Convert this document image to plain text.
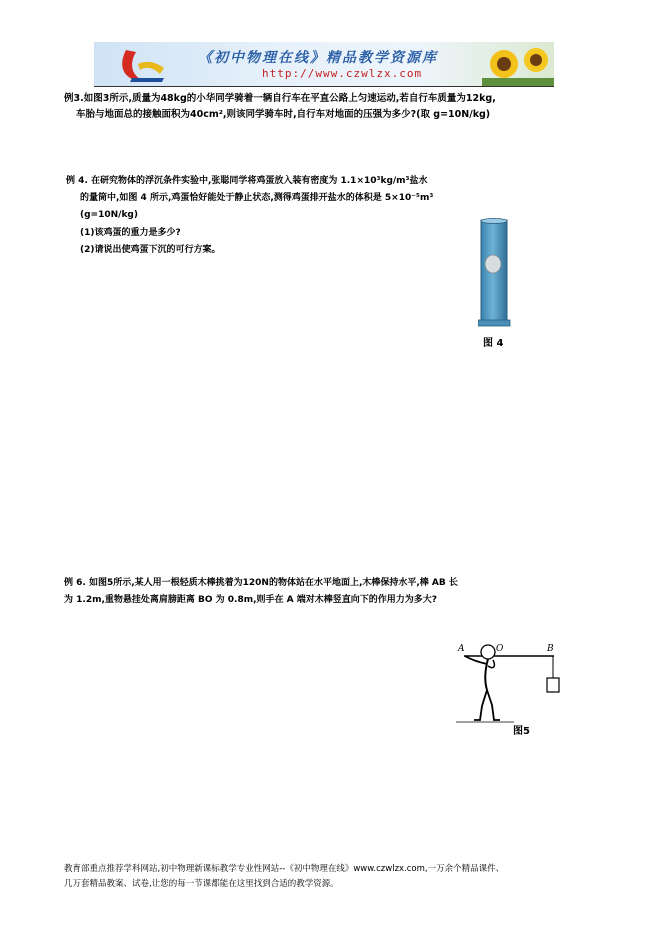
《初中物理在线》精品教学资源库
http://www.czwlzx.com
例3.如图3所示,质量为48kg的小华同学骑着一辆自行车在平直公路上匀速运动,若自行车质量为12kg,
车胎与地面总的接触面积为40cm²,则该同学骑车时,自行车对地面的压强为多少?(取 g=10N/kg)
例 4. 在研究物体的浮沉条件实验中,张聪同学将鸡蛋放入装有密度为 1.1×10³kg/m³盐水
的量筒中,如图 4 所示,鸡蛋恰好能处于静止状态,测得鸡蛋排开盐水的体积是 5×10⁻⁵m³
(g=10N/kg)
(1)该鸡蛋的重力是多少?
(2)请说出使鸡蛋下沉的可行方案。
图 4
例 6. 如图5所示,某人用一根轻质木棒挑着为120N的物体站在水平地面上,木棒保持水平,棒 AB 长
为 1.2m,重物悬挂处离肩膀距离 BO 为 0.8m,则手在 A 端对木棒竖直向下的作用力为多大?
A	O	B
图5
教育部重点推荐学科网站,初中物理新课标教学专业性网站--《初中物理在线》www.czwlzx.com,一万余个精品课件、
几万套精品教案、试卷,让您的每一节课都能在这里找到合适的教学资源。
